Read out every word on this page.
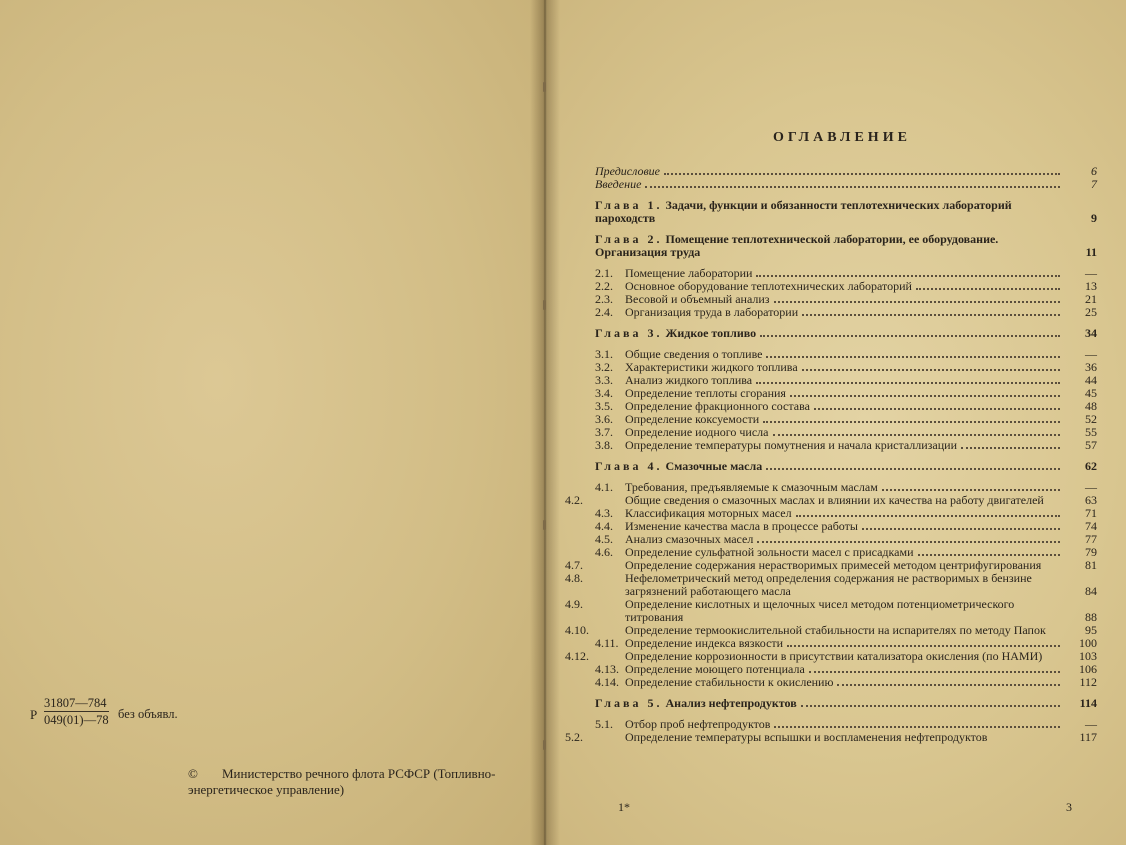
Р $\frac{31807—784}{049(01)—78}$ без объявл.
© Министерство речного флота РСФСР (Топливно-энергетическое управление)
ОГЛАВЛЕНИЕ
Предисловие	6
Введение	7
Глава 1. Задачи, функции и обязанности теплотехнических лабораторий пароходств	9
Глава 2. Помещение теплотехнической лаборатории, ее оборудование. Организация труда	11
2.1. Помещение лаборатории	—
2.2. Основное оборудование теплотехнических лабораторий	13
2.3. Весовой и объемный анализ	21
2.4. Организация труда в лаборатории	25
Глава 3. Жидкое топливо	34
3.1. Общие сведения о топливе	—
3.2. Характеристики жидкого топлива	36
3.3. Анализ жидкого топлива	44
3.4. Определение теплоты сгорания	45
3.5. Определение фракционного состава	48
3.6. Определение коксуемости	52
3.7. Определение иодного числа	55
3.8. Определение температуры помутнения и начала кристаллизации	57
Глава 4. Смазочные масла	62
4.1. Требования, предъявляемые к смазочным маслам	—
4.2.	Общие сведения о смазочных маслах и влиянии их качества на работу двигателей	63
4.3. Классификация моторных масел	71
4.4. Изменение качества масла в процессе работы	74
4.5. Анализ смазочных масел	77
4.6. Определение сульфатной зольности масел с присадками	79
4.7.	Определение содержания нерастворимых примесей методом центрифугирования	81
4.8.	Нефелометрический метод определения содержания не растворимых в бензине загрязнений работающего масла	84
4.9.	Определение кислотных и щелочных чисел методом потенциометрического титрования	88
4.10.	Определение термоокислительной стабильности на испарителях по методу Папок	95
4.11. Определение индекса вязкости	100
4.12.	Определение коррозионности в присутствии катализатора окисления (по НАМИ)	103
4.13. Определение моющего потенциала	106
4.14. Определение стабильности к окислению	112
Глава 5. Анализ нефтепродуктов	114
5.1. Отбор проб нефтепродуктов	—
5.2.	Определение температуры вспышки и воспламенения нефтепродуктов	117
1*	3
